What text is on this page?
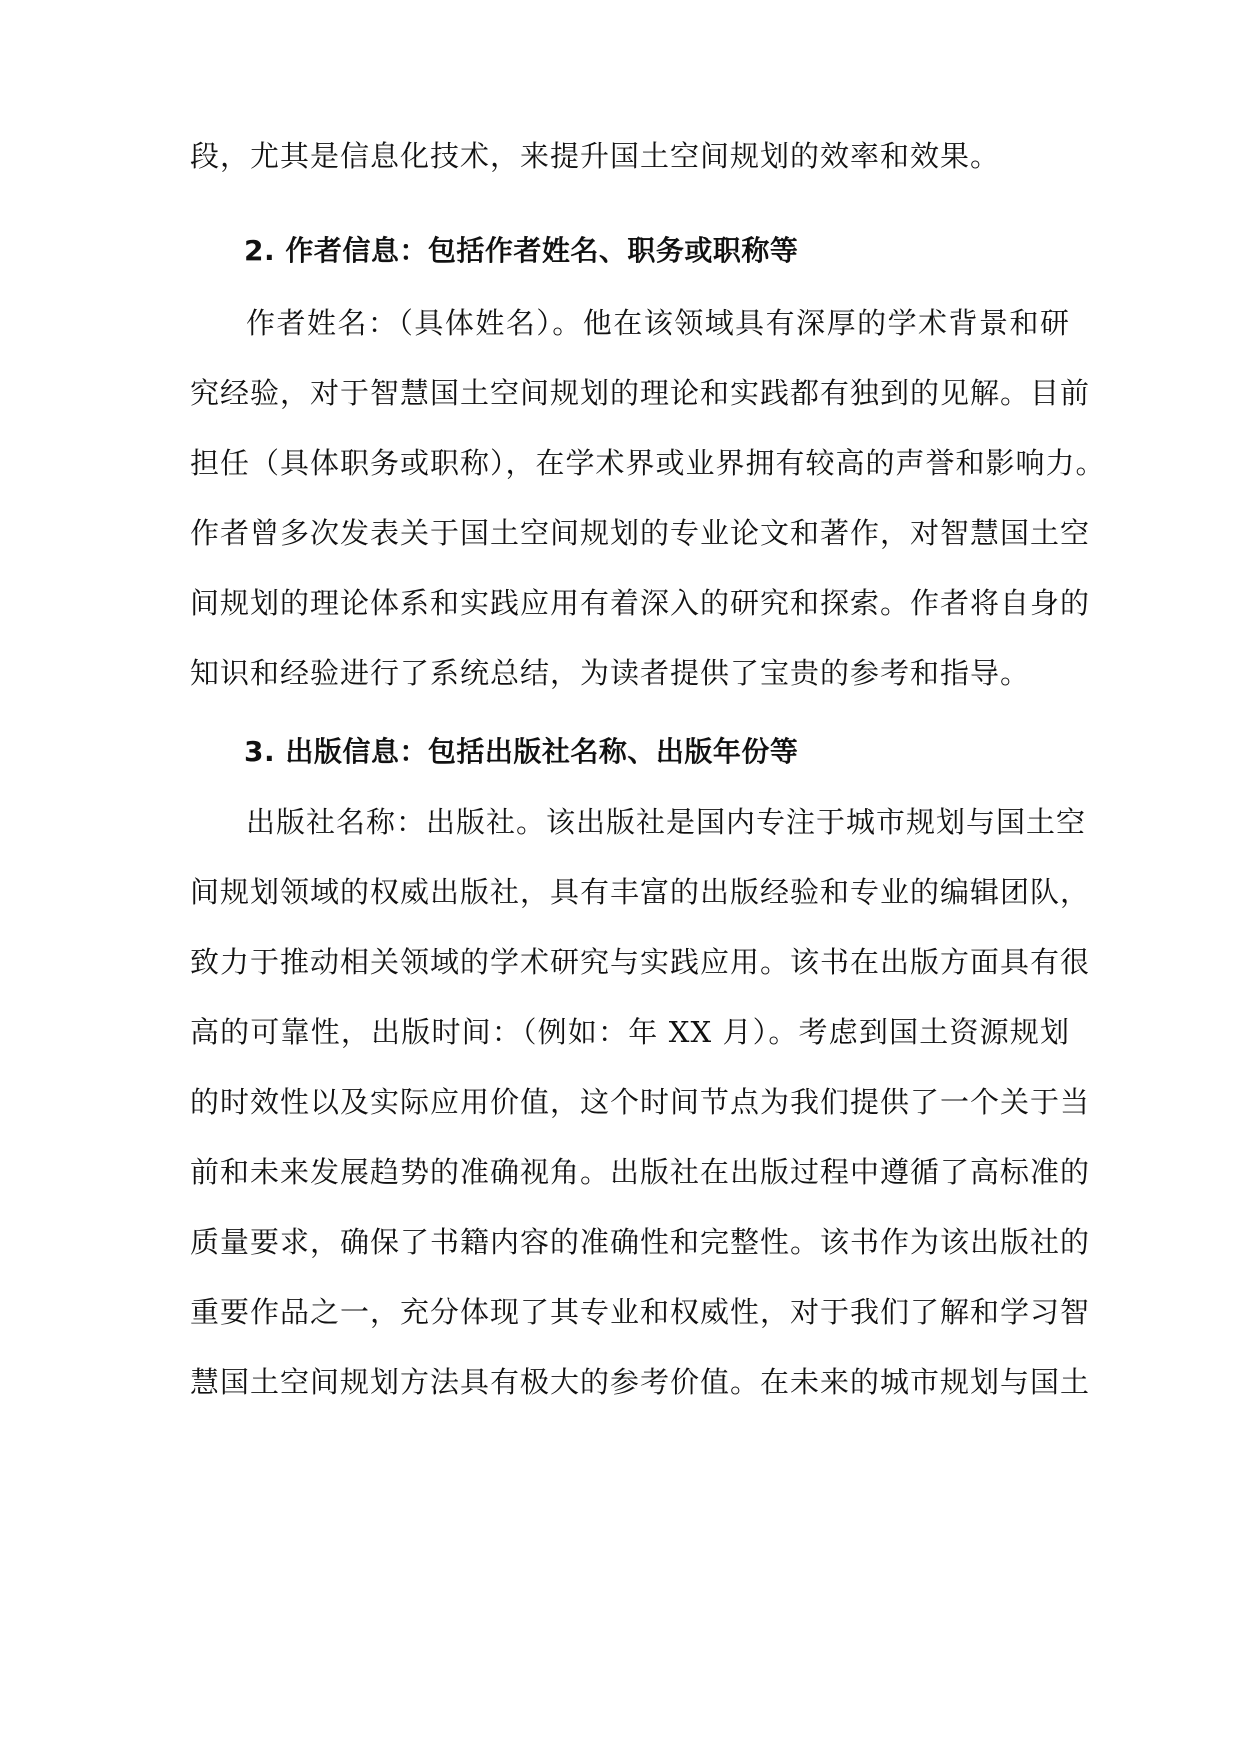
段，尤其是信息化技术，来提升国土空间规划的效率和效果。
2. 作者信息：包括作者姓名、职务或职称等
作者姓名：（具体姓名）。他在该领域具有深厚的学术背景和研
究经验，对于智慧国土空间规划的理论和实践都有独到的见解。目前
担任（具体职务或职称），在学术界或业界拥有较高的声誉和影响力。
作者曾多次发表关于国土空间规划的专业论文和著作，对智慧国土空
间规划的理论体系和实践应用有着深入的研究和探索。作者将自身的
知识和经验进行了系统总结，为读者提供了宝贵的参考和指导。
3. 出版信息：包括出版社名称、出版年份等
出版社名称：出版社。该出版社是国内专注于城市规划与国土空
间规划领域的权威出版社，具有丰富的出版经验和专业的编辑团队，
致力于推动相关领域的学术研究与实践应用。该书在出版方面具有很
高的可靠性，出版时间：（例如：年 XX 月）。考虑到国土资源规划
的时效性以及实际应用价值，这个时间节点为我们提供了一个关于当
前和未来发展趋势的准确视角。出版社在出版过程中遵循了高标准的
质量要求，确保了书籍内容的准确性和完整性。该书作为该出版社的
重要作品之一，充分体现了其专业和权威性，对于我们了解和学习智
慧国土空间规划方法具有极大的参考价值。在未来的城市规划与国土
